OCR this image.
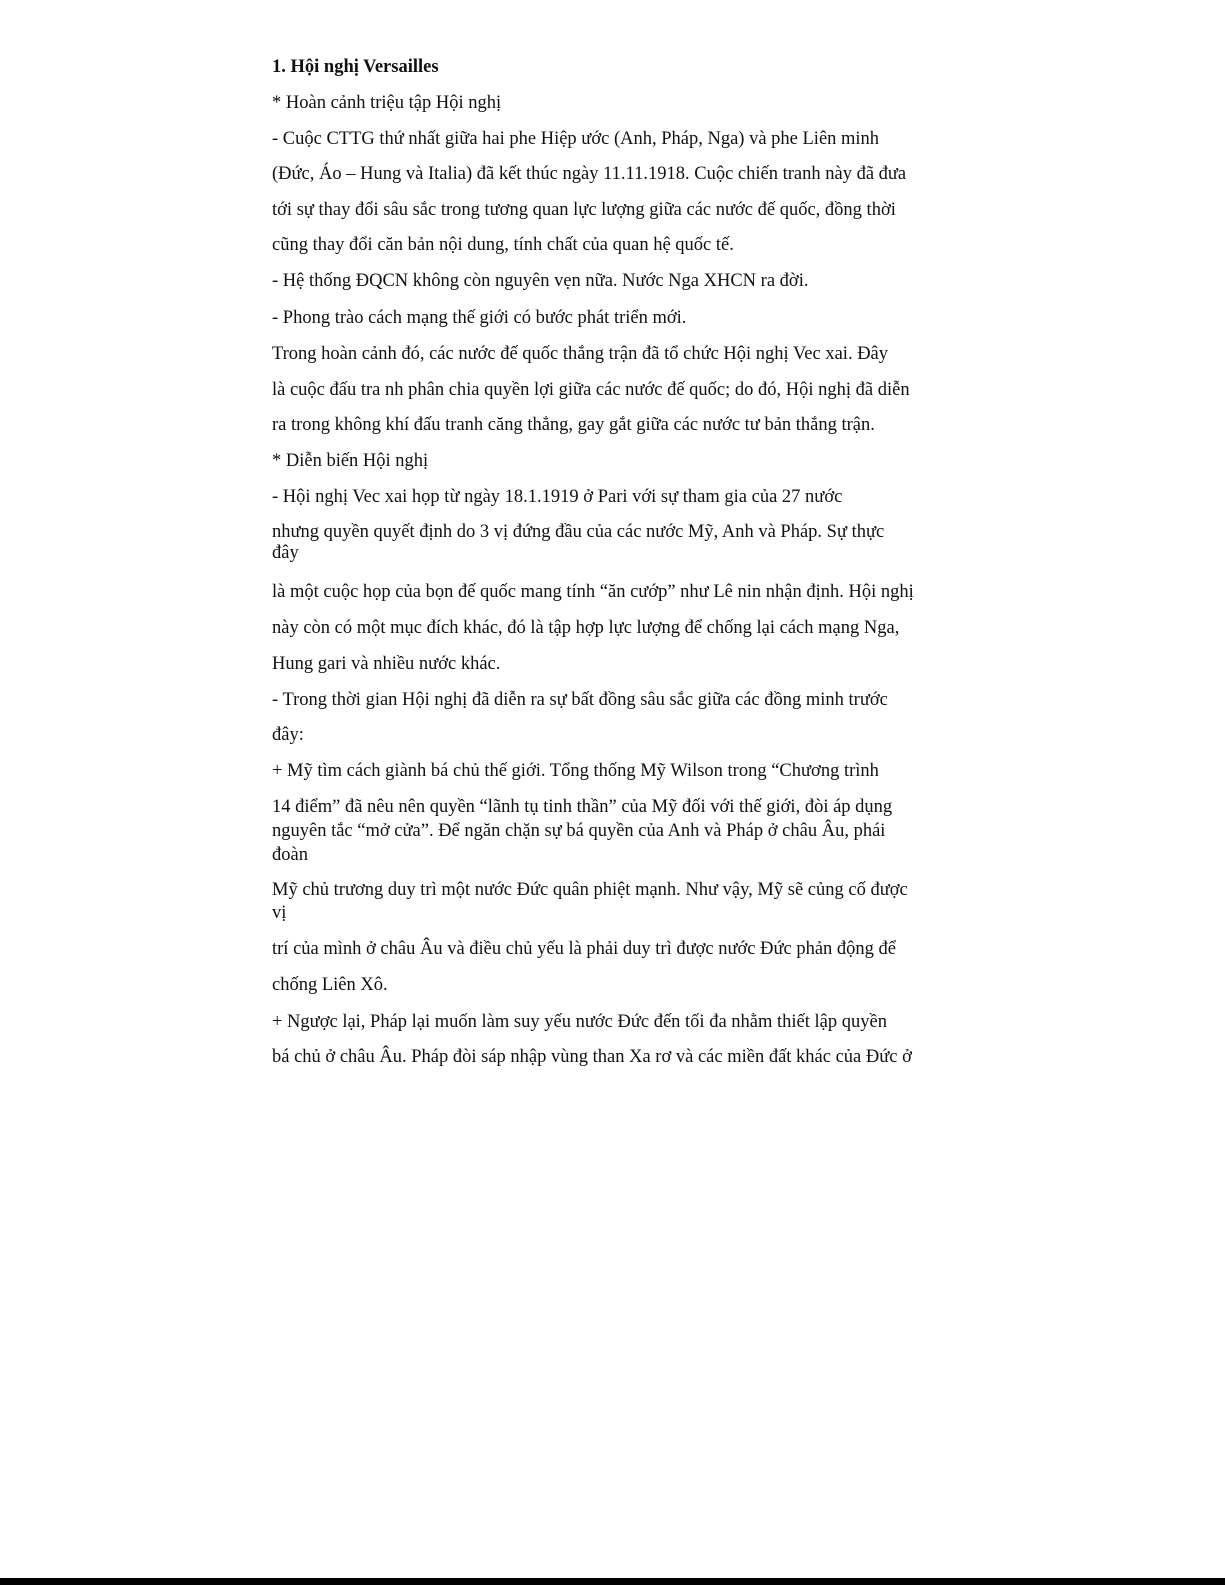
1. Hội nghị Versailles

* Hoàn cảnh triệu tập Hội nghị

- Cuộc CTTG thứ nhất giữa hai phe Hiệp ước (Anh, Pháp, Nga) và phe Liên minh

(Đức, Áo – Hung và Italia) đã kết thúc ngày 11.11.1918. Cuộc chiến tranh này đã đưa

tới sự thay đổi sâu sắc trong tương quan lực lượng giữa các nước đế quốc, đồng thời

cũng thay đổi căn bản nội dung, tính chất của quan hệ quốc tế.

- Hệ thống ĐQCN không còn nguyên vẹn nữa. Nước Nga XHCN ra đời.

- Phong trào cách mạng thế giới có bước phát triển mới.

Trong hoàn cảnh đó, các nước đế quốc thắng trận đã tổ chức Hội nghị Vec xai. Đây

là cuộc đấu tra nh phân chia quyền lợi giữa các nước đế quốc; do đó, Hội nghị đã diễn

ra trong không khí đấu tranh căng thẳng, gay gắt giữa các nước tư bản thắng trận.

* Diễn biến Hội nghị

- Hội nghị Vec xai họp từ ngày 18.1.1919 ở Pari với sự tham gia của 27 nước

nhưng quyền quyết định do 3 vị đứng đầu của các nước Mỹ, Anh và Pháp. Sự thực

đây

là một cuộc họp của bọn đế quốc mang tính “ăn cướp” như Lê nin nhận định. Hội nghị

này còn có một mục đích khác, đó là tập hợp lực lượng để chống lại cách mạng Nga,

Hung gari và nhiều nước khác.

- Trong thời gian Hội nghị đã diễn ra sự bất đồng sâu sắc giữa các đồng minh trước

đây:

+ Mỹ tìm cách giành bá chủ thế giới. Tổng thống Mỹ Wilson trong “Chương trình

14 điểm” đã nêu nên quyền “lãnh tụ tinh thần” của Mỹ đối với thế giới, đòi áp dụng

nguyên tắc “mở cửa”. Để ngăn chặn sự bá quyền của Anh và Pháp ở châu Âu, phái

đoàn

Mỹ chủ trương duy trì một nước Đức quân phiệt mạnh. Như vậy, Mỹ sẽ củng cố được

vị

trí của mình ở châu Âu và điều chủ yếu là phải duy trì được nước Đức phản động để

chống Liên Xô.

+ Ngược lại, Pháp lại muốn làm suy yếu nước Đức đến tối đa nhằm thiết lập quyền

bá chủ ở châu Âu. Pháp đòi sáp nhập vùng than Xa rơ và các miền đất khác của Đức ở
